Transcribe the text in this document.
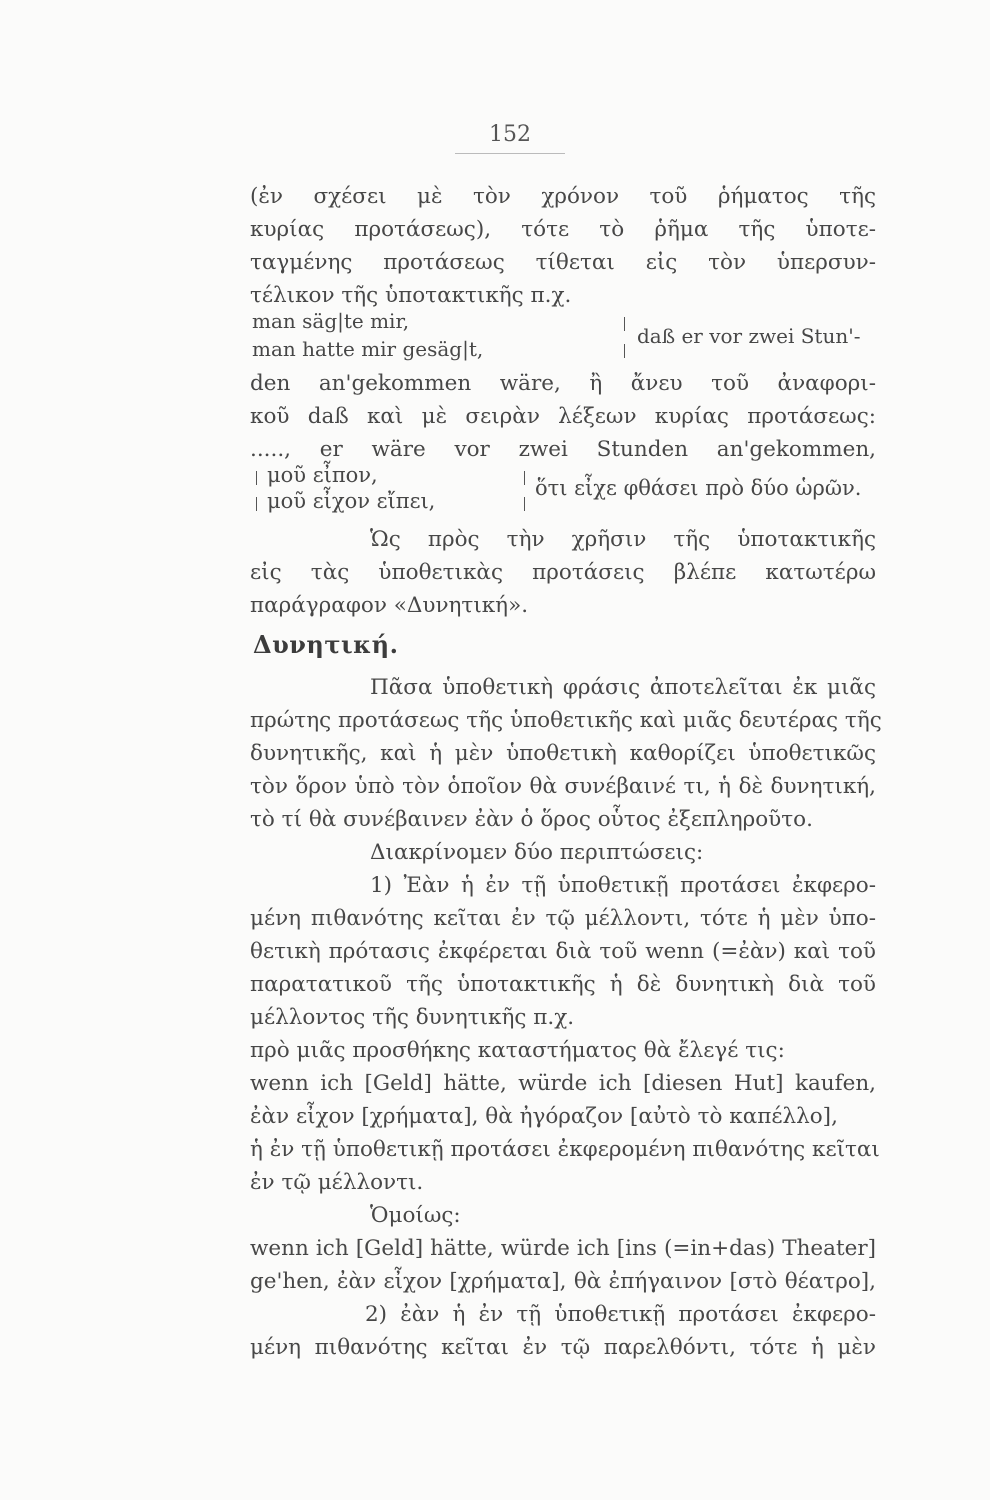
152
(ἐν σχέσει μὲ τὸν χρόνον τοῦ ῥήματος τῆς
κυρίας προτάσεως), τότε τὸ ῥῆμα τῆς ὑποτε-
ταγμένης προτάσεως τίθεται εἰς τὸν ὑπερσυν-
τέλικον τῆς ὑποτακτικῆς π.χ.
man säg|te mir,
man hatte mir gesäg|t,
daß er vor zwei Stun'-
den an'gekommen wäre, ἢ ἄνευ τοῦ ἀναφορι-
κοῦ daß καὶ μὲ σειρὰν λέξεων κυρίας προτάσεως:
....., er wäre vor zwei Stunden an'gekommen,
μοῦ εἶπον,
μοῦ εἶχον εἴπει,
ὅτι εἶχε φθάσει πρὸ δύο ὡρῶν.
Ὡς πρὸς τὴν χρῆσιν τῆς ὑποτακτικῆς
εἰς τὰς ὑποθετικὰς προτάσεις βλέπε κατωτέρω
παράγραφον «Δυνητική».
Δυνητική.
Πᾶσα ὑποθετικὴ φράσις ἀποτελεῖται ἐκ μιᾶς
πρώτης προτάσεως τῆς ὑποθετικῆς καὶ μιᾶς δευτέρας τῆς
δυνητικῆς, καὶ ἡ μὲν ὑποθετικὴ καθορίζει ὑποθετικῶς
τὸν ὅρον ὑπὸ τὸν ὁποῖον θὰ συνέβαινέ τι, ἡ δὲ δυνητική,
τὸ τί θὰ συνέβαινεν ἐὰν ὁ ὅρος οὗτος ἐξεπληροῦτο.
Διακρίνομεν δύο περιπτώσεις:
1) Ἐὰν ἡ ἐν τῇ ὑποθετικῇ προτάσει ἐκφερο-
μένη πιθανότης κεῖται ἐν τῷ μέλλοντι, τότε ἡ μὲν ὑπο-
θετικὴ πρότασις ἐκφέρεται διὰ τοῦ wenn (=ἐὰν) καὶ τοῦ
παρατατικοῦ τῆς ὑποτακτικῆς ἡ δὲ δυνητικὴ διὰ τοῦ
μέλλοντος τῆς δυνητικῆς π.χ.
πρὸ μιᾶς προσθήκης καταστήματος θὰ ἔλεγέ τις:
wenn ich [Geld] hätte, würde ich [diesen Hut] kaufen,
ἐὰν εἶχον [χρήματα], θὰ ἠγόραζον [αὐτὸ τὸ καπέλλο],
ἡ ἐν τῇ ὑποθετικῇ προτάσει ἐκφερομένη πιθανότης κεῖται
ἐν τῷ μέλλοντι.
Ὁμοίως:
wenn ich [Geld] hätte, würde ich [ins (=in+das) Theater]
ge'hen, ἐὰν εἶχον [χρήματα], θὰ ἐπήγαινον [στὸ θέατρο],
2) ἐὰν ἡ ἐν τῇ ὑποθετικῇ προτάσει ἐκφερο-
μένη πιθανότης κεῖται ἐν τῷ παρελθόντι, τότε ἡ μὲν
